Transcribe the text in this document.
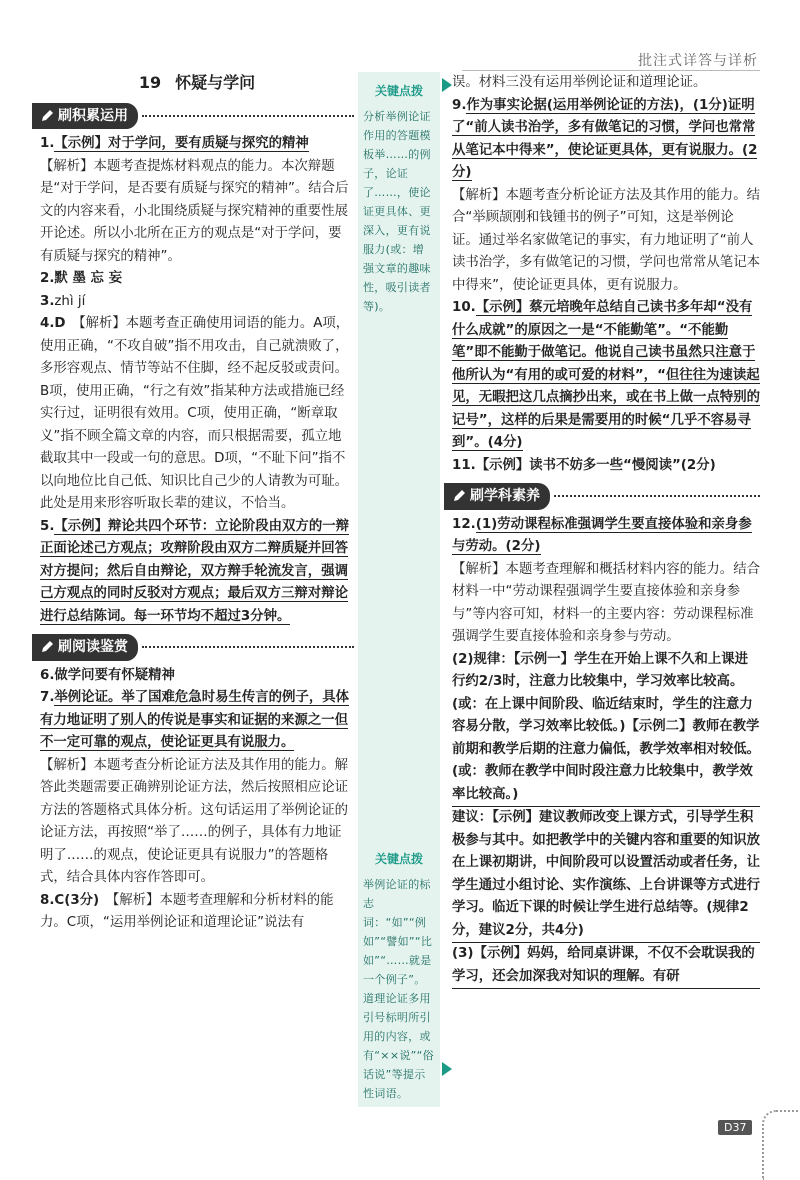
批注式详答与详析
19 怀疑与学问
刷积累运用

1.【示例】对于学问，要有质疑与探究的精神

【解析】本题考查提炼材料观点的能力。本次辩题是“对于学问，是否要有质疑与探究的精神”。结合后文的内容来看，小北围绕质疑与探究精神的重要性展开论述。所以小北所在正方的观点是“对于学问，要有质疑与探究的精神”。

2.默 墨 忘 妄

3.zhì jí

4.D　 【解析】本题考查正确使用词语的能力。A项，使用正确，“不攻自破”指不用攻击，自己就溃败了，多形容观点、情节等站不住脚，经不起反驳或责问。B项，使用正确，“行之有效”指某种方法或措施已经实行过，证明很有效用。C项，使用正确，“断章取义”指不顾全篇文章的内容，而只根据需要，孤立地截取其中一段或一句的意思。D项，“不耻下问”指不以向地位比自己低、知识比自己少的人请教为可耻。此处是用来形容听取长辈的建议，不恰当。

5.【示例】辩论共四个环节：立论阶段由双方的一辩正面论述己方观点；攻辩阶段由双方二辩质疑并回答对方提问；然后自由辩论，双方辩手轮流发言，强调己方观点的同时反驳对方观点；最后双方三辩对辩论进行总结陈词。每一环节均不超过3分钟。

刷阅读鉴赏

6.做学问要有怀疑精神

7.举例论证。举了国难危急时易生传言的例子，具体有力地证明了别人的传说是事实和证据的来源之一但不一定可靠的观点，使论证更具有说服力。

【解析】本题考查分析论证方法及其作用的能力。解答此类题需要正确辨别论证方法，然后按照相应论证方法的答题格式具体分析。这句话运用了举例论证的论证方法，再按照“举了……的例子，具体有力地证明了……的观点，使论证更具有说服力”的答题格式，结合具体内容作答即可。

8.C(3分)　 【解析】本题考查理解和分析材料的能力。C项，“运用举例论证和道理论证”说法有

关键点拨
分析举例论证作用的答题模板举……的例子，论证了……，使论证更具体、更深入，更有说服力(或：增强文章的趣味性，吸引读者等)。
关键点拨
举例论证的标志词：“如”“例如”“譬如”“比如”“……就是一个例子”。道理论证多用引号标明所引用的内容，或有“××说”“俗话说”等提示性词语。

误。材料三没有运用举例论证和道理论证。

9.作为事实论据(运用举例论证的方法)，(1分)证明了“前人读书治学，多有做笔记的习惯，学问也常常从笔记本中得来”，使论证更具体，更有说服力。(2分)

【解析】本题考查分析论证方法及其作用的能力。结合“举顾颉刚和钱锺书的例子”可知，这是举例论证。通过举名家做笔记的事实，有力地证明了“前人读书治学，多有做笔记的习惯，学问也常常从笔记本中得来”，使论证更具体，更有说服力。

10.【示例】蔡元培晚年总结自己读书多年却“没有什么成就”的原因之一是“不能勤笔”。“不能勤笔”即不能勤于做笔记。他说自己读书虽然只注意于他所认为“有用的或可爱的材料”，“但往往为速读起见，无暇把这几点摘抄出来，或在书上做一点特别的记号”，这样的后果是需要用的时候“几乎不容易寻到”。(4分)

11.【示例】读书不妨多一些“慢阅读”(2分)

刷学科素养

12.(1)劳动课程标准强调学生要直接体验和亲身参与劳动。(2分)

【解析】本题考查理解和概括材料内容的能力。结合材料一中“劳动课程强调学生要直接体验和亲身参与”等内容可知，材料一的主要内容：劳动课程标准强调学生要直接体验和亲身参与劳动。

(2)规律：【示例一】学生在开始上课不久和上课进行约2/3时，注意力比较集中，学习效率比较高。(或：在上课中间阶段、临近结束时，学生的注意力容易分散，学习效率比较低。)【示例二】教师在教学前期和教学后期的注意力偏低，教学效率相对较低。(或：教师在教学中间时段注意力比较集中，教学效率比较高。)

建议：【示例】建议教师改变上课方式，引导学生积极参与其中。如把教学中的关键内容和重要的知识放在上课初期讲，中间阶段可以设置活动或者任务，让学生通过小组讨论、实作演练、上台讲课等方式进行学习。临近下课的时候让学生进行总结等。(规律2分，建议2分，共4分)

(3)【示例】妈妈，给同桌讲课，不仅不会耽误我的学习，还会加深我对知识的理解。有研

D37
